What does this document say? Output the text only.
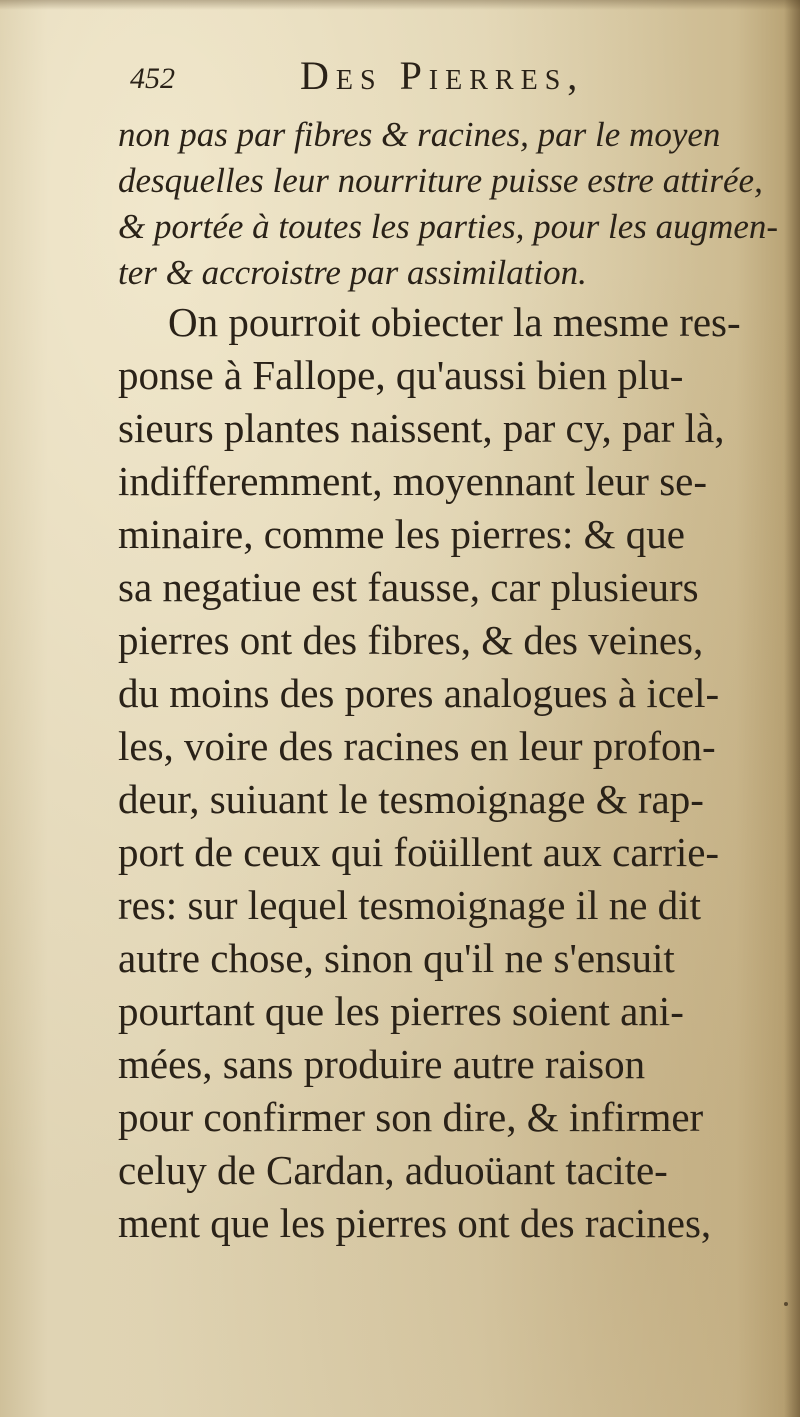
452	Des Pierres,
non pas par fibres & racines, par le moyen
desquelles leur nourriture puisse estre attirée,
& portée à toutes les parties, pour les augmen-
ter & accroistre par assimilation.
On pourroit obiecter la mesme res-
ponse à Fallope, qu'aussi bien plu-
sieurs plantes naissent, par cy, par là,
indifferemment, moyennant leur se-
minaire, comme les pierres: & que
sa negatiue est fausse, car plusieurs
pierres ont des fibres, & des veines,
du moins des pores analogues à icel-
les, voire des racines en leur profon-
deur, suiuant le tesmoignage & rap-
port de ceux qui foüillent aux carrie-
res: sur lequel tesmoignage il ne dit
autre chose, sinon qu'il ne s'ensuit
pourtant que les pierres soient ani-
mées, sans produire autre raison
pour confirmer son dire, & infirmer
celuy de Cardan, aduoüant tacite-
ment que les pierres ont des racines,
